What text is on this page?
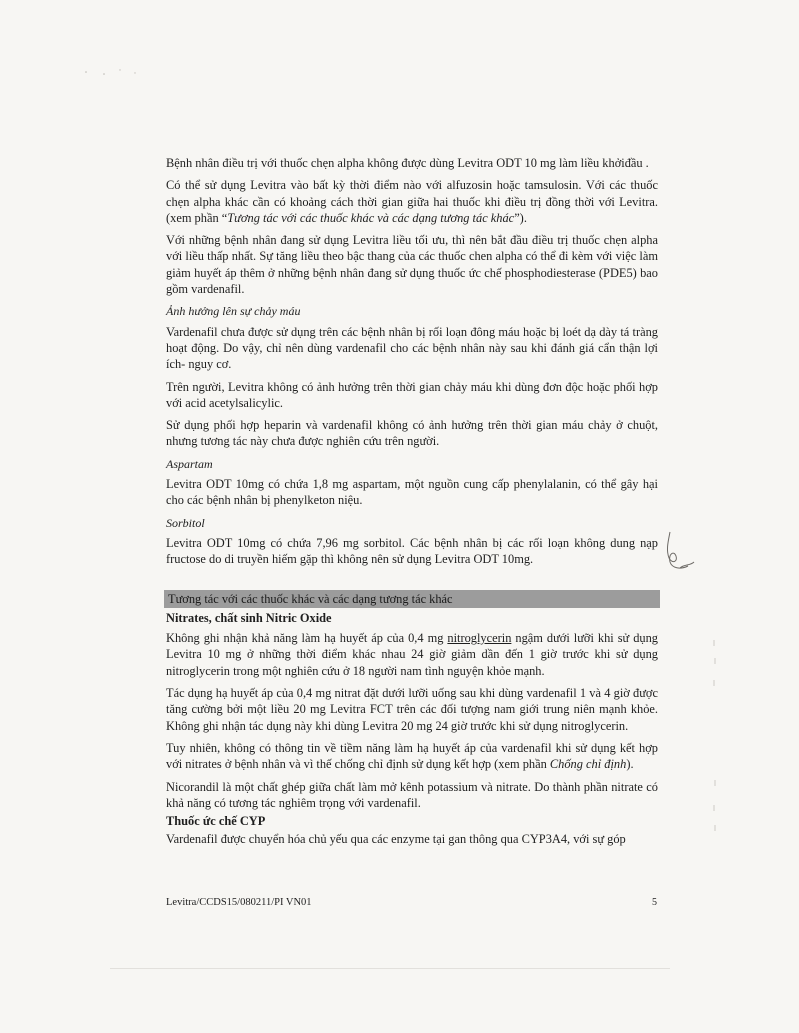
Bệnh nhân điều trị với thuốc chẹn alpha không được dùng Levitra ODT 10 mg làm liều khởiđầu .

Có thể sử dụng Levitra vào bất kỳ thời điểm nào với alfuzosin hoặc tamsulosin. Với các thuốc chẹn alpha khác cần có khoảng cách thời gian giữa hai thuốc khi điều trị đồng thời với Levitra. (xem phần “Tương tác với các thuốc khác và các dạng tương tác khác”).

Với những bệnh nhân đang sử dụng Levitra liều tối ưu, thì nên bắt đầu điều trị thuốc chẹn alpha với liều thấp nhất. Sự tăng liều theo bậc thang của các thuốc chen alpha có thể đi kèm với việc làm giảm huyết áp thêm ở những bệnh nhân đang sử dụng thuốc ức chế phosphodiesterase (PDE5) bao gồm vardenafil.

Ảnh hưởng lên sự chảy máu

Vardenafil chưa được sử dụng trên các bệnh nhân bị rối loạn đông máu hoặc bị loét dạ dày tá tràng hoạt động. Do vậy, chỉ nên dùng vardenafil cho các bệnh nhân này sau khi đánh giá cẩn thận lợi ích- nguy cơ.

Trên người, Levitra không có ảnh hưởng trên thời gian chảy máu khi dùng đơn độc hoặc phối hợp với acid acetylsalicylic.

Sử dụng phối hợp heparin và vardenafil không có ảnh hưởng trên thời gian máu chảy ở chuột, nhưng tương tác này chưa được nghiên cứu trên người.

Aspartam

Levitra ODT 10mg có chứa 1,8 mg aspartam, một nguồn cung cấp phenylalanin, có thể gây hại cho các bệnh nhân bị phenylketon niệu.

Sorbitol

Levitra ODT 10mg có chứa 7,96 mg sorbitol. Các bệnh nhân bị các rối loạn không dung nạp fructose do di truyền hiếm gặp thì không nên sử dụng Levitra ODT 10mg.

Tương tác với các thuốc khác và các dạng tương tác khác
Nitrates, chất sinh Nitric Oxide

Không ghi nhận khả năng làm hạ huyết áp của 0,4 mg nitroglycerin ngậm dưới lưỡi khi sử dụng Levitra 10 mg ở những thời điểm khác nhau 24 giờ giảm dần đến 1 giờ trước khi sử dụng nitroglycerin trong một nghiên cứu ở 18 người nam tình nguyện khỏe mạnh.

Tác dụng hạ huyết áp của 0,4 mg nitrat đặt dưới lưỡi uống sau khi dùng vardenafil 1 và 4 giờ được tăng cường bởi một liều 20 mg Levitra FCT trên các đối tượng nam giới trung niên mạnh khỏe. Không ghi nhận tác dụng này khi dùng Levitra 20 mg 24 giờ trước khi sử dụng nitroglycerin.

Tuy nhiên, không có thông tin về tiềm năng làm hạ huyết áp của vardenafil khi sử dụng kết hợp với nitrates ở bệnh nhân và vì thế chống chỉ định sử dụng kết hợp (xem phần Chống chỉ định).

Nicorandil là một chất ghép giữa chất làm mở kênh potassium và nitrate. Do thành phần nitrate có khả năng có tương tác nghiêm trọng với vardenafil.

Thuốc ức chế CYP

Vardenafil được chuyển hóa chủ yếu qua các enzyme tại gan thông qua CYP3A4, với sự góp

Levitra/CCDS15/080211/PI VN01	5
